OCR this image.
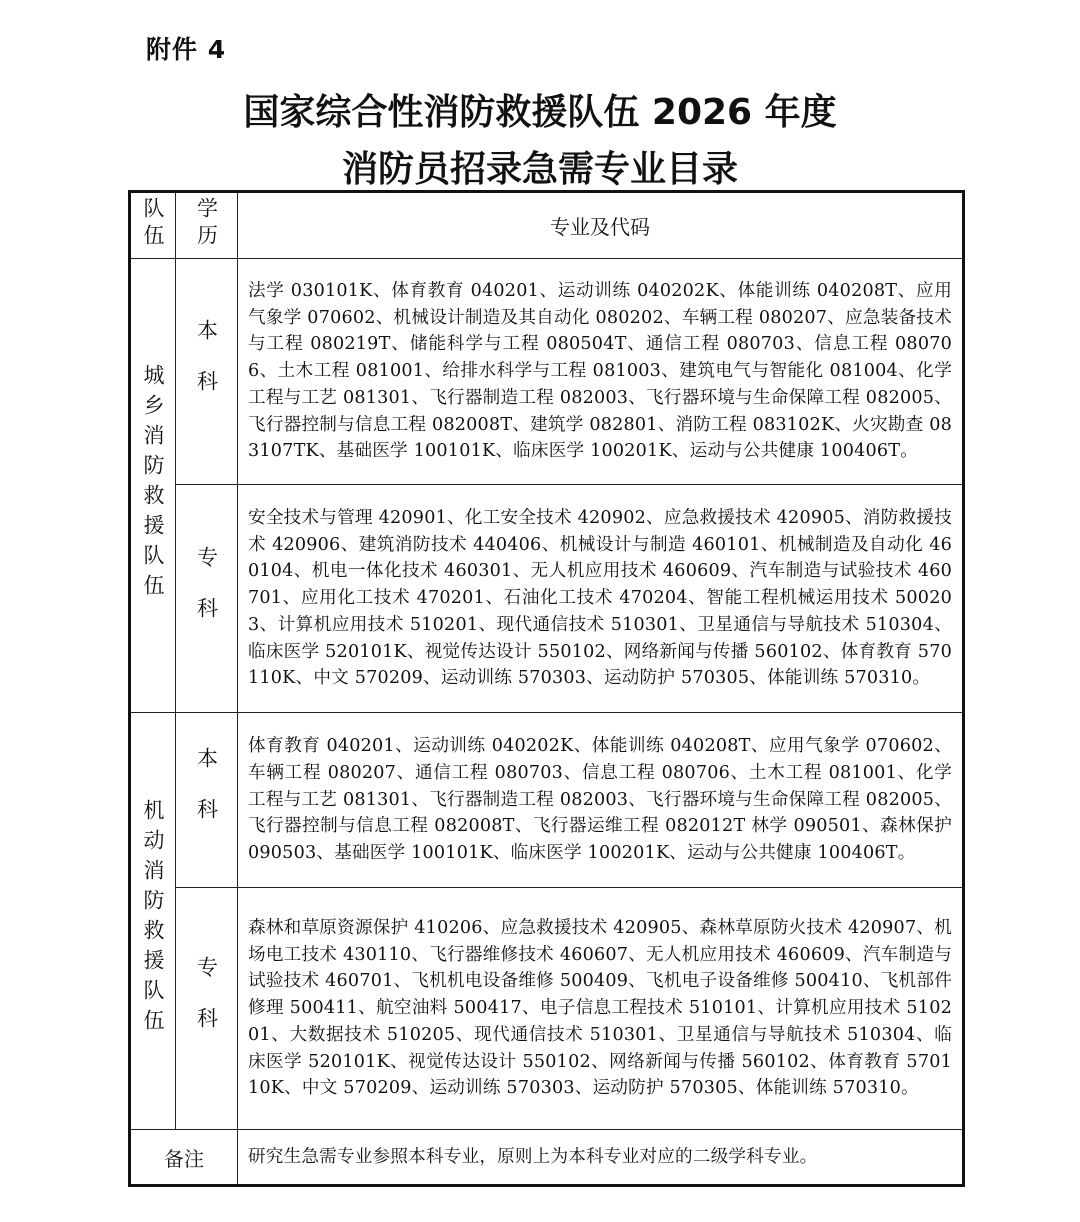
附件 4
国家综合性消防救援队伍 2026 年度
消防员招录急需专业目录
队伍	学历	专业及代码
城乡消防救援队伍	本科	法学 030101K、体育教育 040201、运动训练 040202K、体能训练 040208T、应用气象学 070602、机械设计制造及其自动化 080202、车辆工程 080207、应急装备技术与工程 080219T、储能科学与工程 080504T、通信工程 080703、信息工程 080706、土木工程 081001、给排水科学与工程 081003、建筑电气与智能化 081004、化学工程与工艺 081301、飞行器制造工程 082003、飞行器环境与生命保障工程 082005、飞行器控制与信息工程 082008T、建筑学 082801、消防工程 083102K、火灾勘查 083107TK、基础医学 100101K、临床医学 100201K、运动与公共健康 100406T。
	专科	安全技术与管理 420901、化工安全技术 420902、应急救援技术 420905、消防救援技术 420906、建筑消防技术 440406、机械设计与制造 460101、机械制造及自动化 460104、机电一体化技术 460301、无人机应用技术 460609、汽车制造与试验技术 460701、应用化工技术 470201、石油化工技术 470204、智能工程机械运用技术 500203、计算机应用技术 510201、现代通信技术 510301、卫星通信与导航技术 510304、临床医学 520101K、视觉传达设计 550102、网络新闻与传播 560102、体育教育 570110K、中文 570209、运动训练 570303、运动防护 570305、体能训练 570310。
机动消防救援队伍	本科	体育教育 040201、运动训练 040202K、体能训练 040208T、应用气象学 070602、车辆工程 080207、通信工程 080703、信息工程 080706、土木工程 081001、化学工程与工艺 081301、飞行器制造工程 082003、飞行器环境与生命保障工程 082005、飞行器控制与信息工程 082008T、飞行器运维工程 082012T 林学 090501、森林保护 090503、基础医学 100101K、临床医学 100201K、运动与公共健康 100406T。
	专科	森林和草原资源保护 410206、应急救援技术 420905、森林草原防火技术 420907、机场电工技术 430110、飞行器维修技术 460607、无人机应用技术 460609、汽车制造与试验技术 460701、飞机机电设备维修 500409、飞机电子设备维修 500410、飞机部件修理 500411、航空油料 500417、电子信息工程技术 510101、计算机应用技术 510201、大数据技术 510205、现代通信技术 510301、卫星通信与导航技术 510304、临床医学 520101K、视觉传达设计 550102、网络新闻与传播 560102、体育教育 570110K、中文 570209、运动训练 570303、运动防护 570305、体能训练 570310。
备注		研究生急需专业参照本科专业，原则上为本科专业对应的二级学科专业。
